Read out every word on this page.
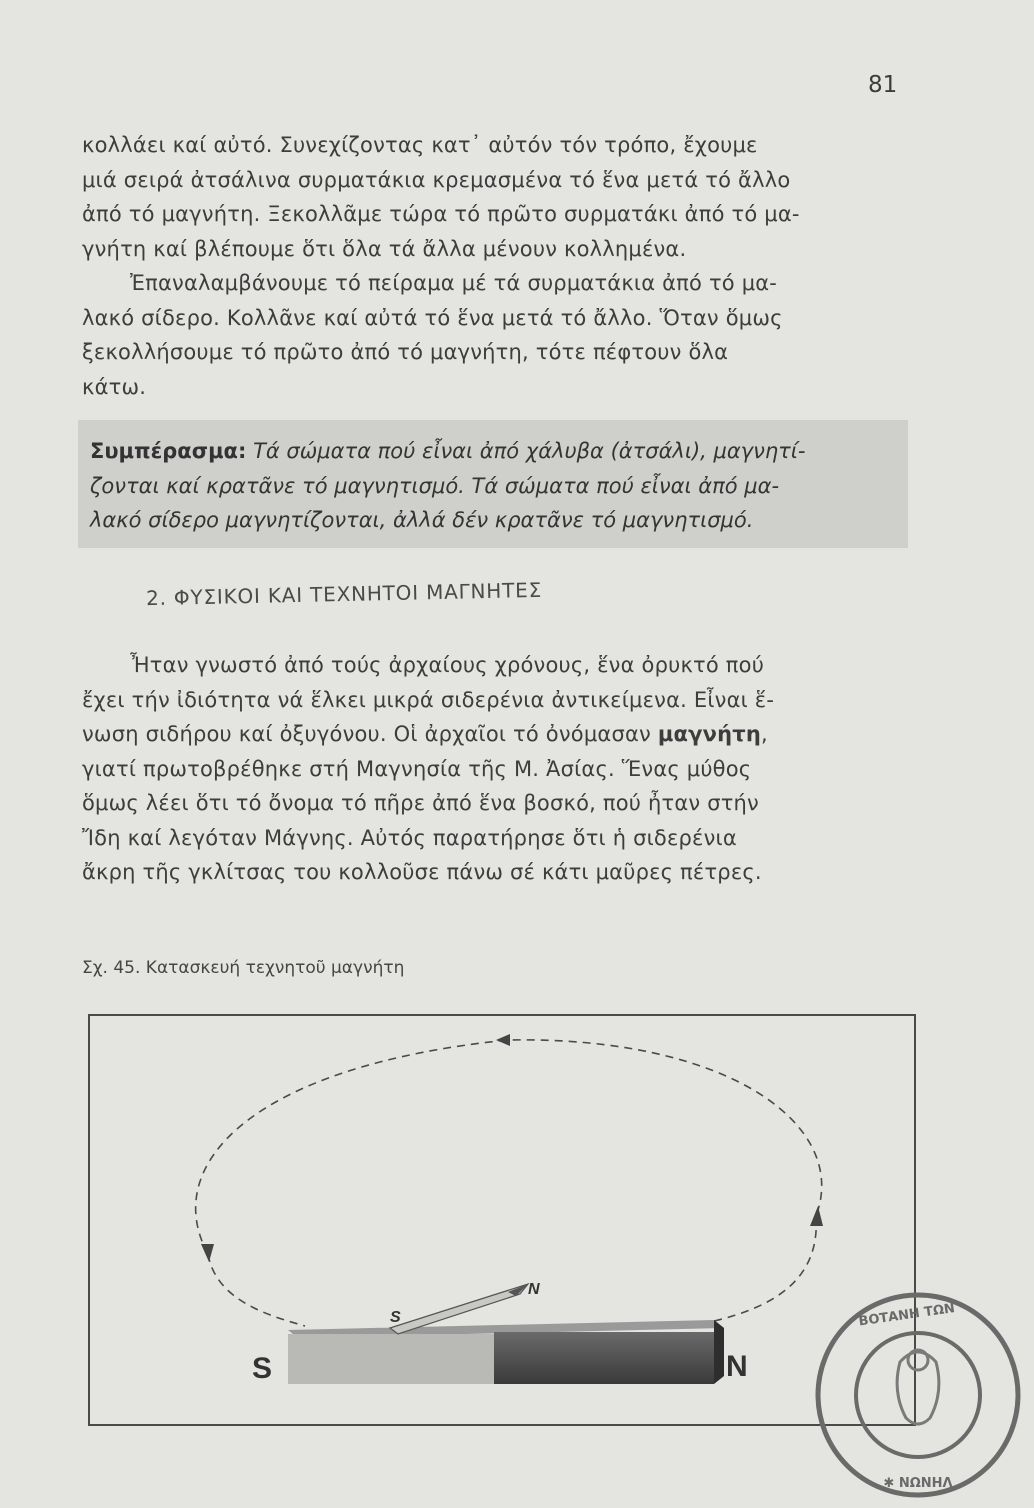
81
κολλάει καί αὐτό. Συνεχίζοντας κατ᾽ αὐτόν τόν τρόπο, ἔχουμε
μιά σειρά ἀτσάλινα συρματάκια κρεμασμένα τό ἕνα μετά τό ἄλλο
ἀπό τό μαγνήτη. Ξεκολλᾶμε τώρα τό πρῶτο συρματάκι ἀπό τό μα-
γνήτη καί βλέπουμε ὅτι ὅλα τά ἄλλα μένουν κολλημένα.
Ἐπαναλαμβάνουμε τό πείραμα μέ τά συρματάκια ἀπό τό μα-
λακό σίδερο. Κολλᾶνε καί αὐτά τό ἕνα μετά τό ἄλλο. Ὅταν ὅμως
ξεκολλήσουμε τό πρῶτο ἀπό τό μαγνήτη, τότε πέφτουν ὅλα
κάτω.
Συμπέρασμα: Τά σώματα πού εἶναι ἀπό χάλυβα (ἀτσάλι), μαγνητί-
ζονται καί κρατᾶνε τό μαγνητισμό. Τά σώματα πού εἶναι ἀπό μα-
λακό σίδερο μαγνητίζονται, ἀλλά δέν κρατᾶνε τό μαγνητισμό.
2. ΦΥΣΙΚΟΙ ΚΑΙ ΤΕΧΝΗΤΟΙ ΜΑΓΝΗΤΕΣ
Ἦταν γνωστό ἀπό τούς ἀρχαίους χρόνους, ἕνα ὀρυκτό πού
ἔχει τήν ἰδιότητα νά ἕλκει μικρά σιδερένια ἀντικείμενα. Εἶναι ἕ-
νωση σιδήρου καί ὀξυγόνου. Οἱ ἀρχαῖοι τό ὀνόμασαν μαγνήτη,
γιατί πρωτοβρέθηκε στή Μαγνησία τῆς Μ. Ἀσίας. Ἕνας μύθος
ὅμως λέει ὅτι τό ὄνομα τό πῆρε ἀπό ἕνα βοσκό, πού ἦταν στήν
Ἴδη καί λεγόταν Μάγνης. Αὐτός παρατήρησε ὅτι ἡ σιδερένια
ἄκρη τῆς γκλίτσας του κολλοῦσε πάνω σέ κάτι μαῦρες πέτρες.
Σχ. 45. Κατασκευή τεχνητοῦ μαγνήτη
S	N
S
N
ΒΟΤΑΝΗ ΤΩΝ
✱ ΝΩΝΗΛ
